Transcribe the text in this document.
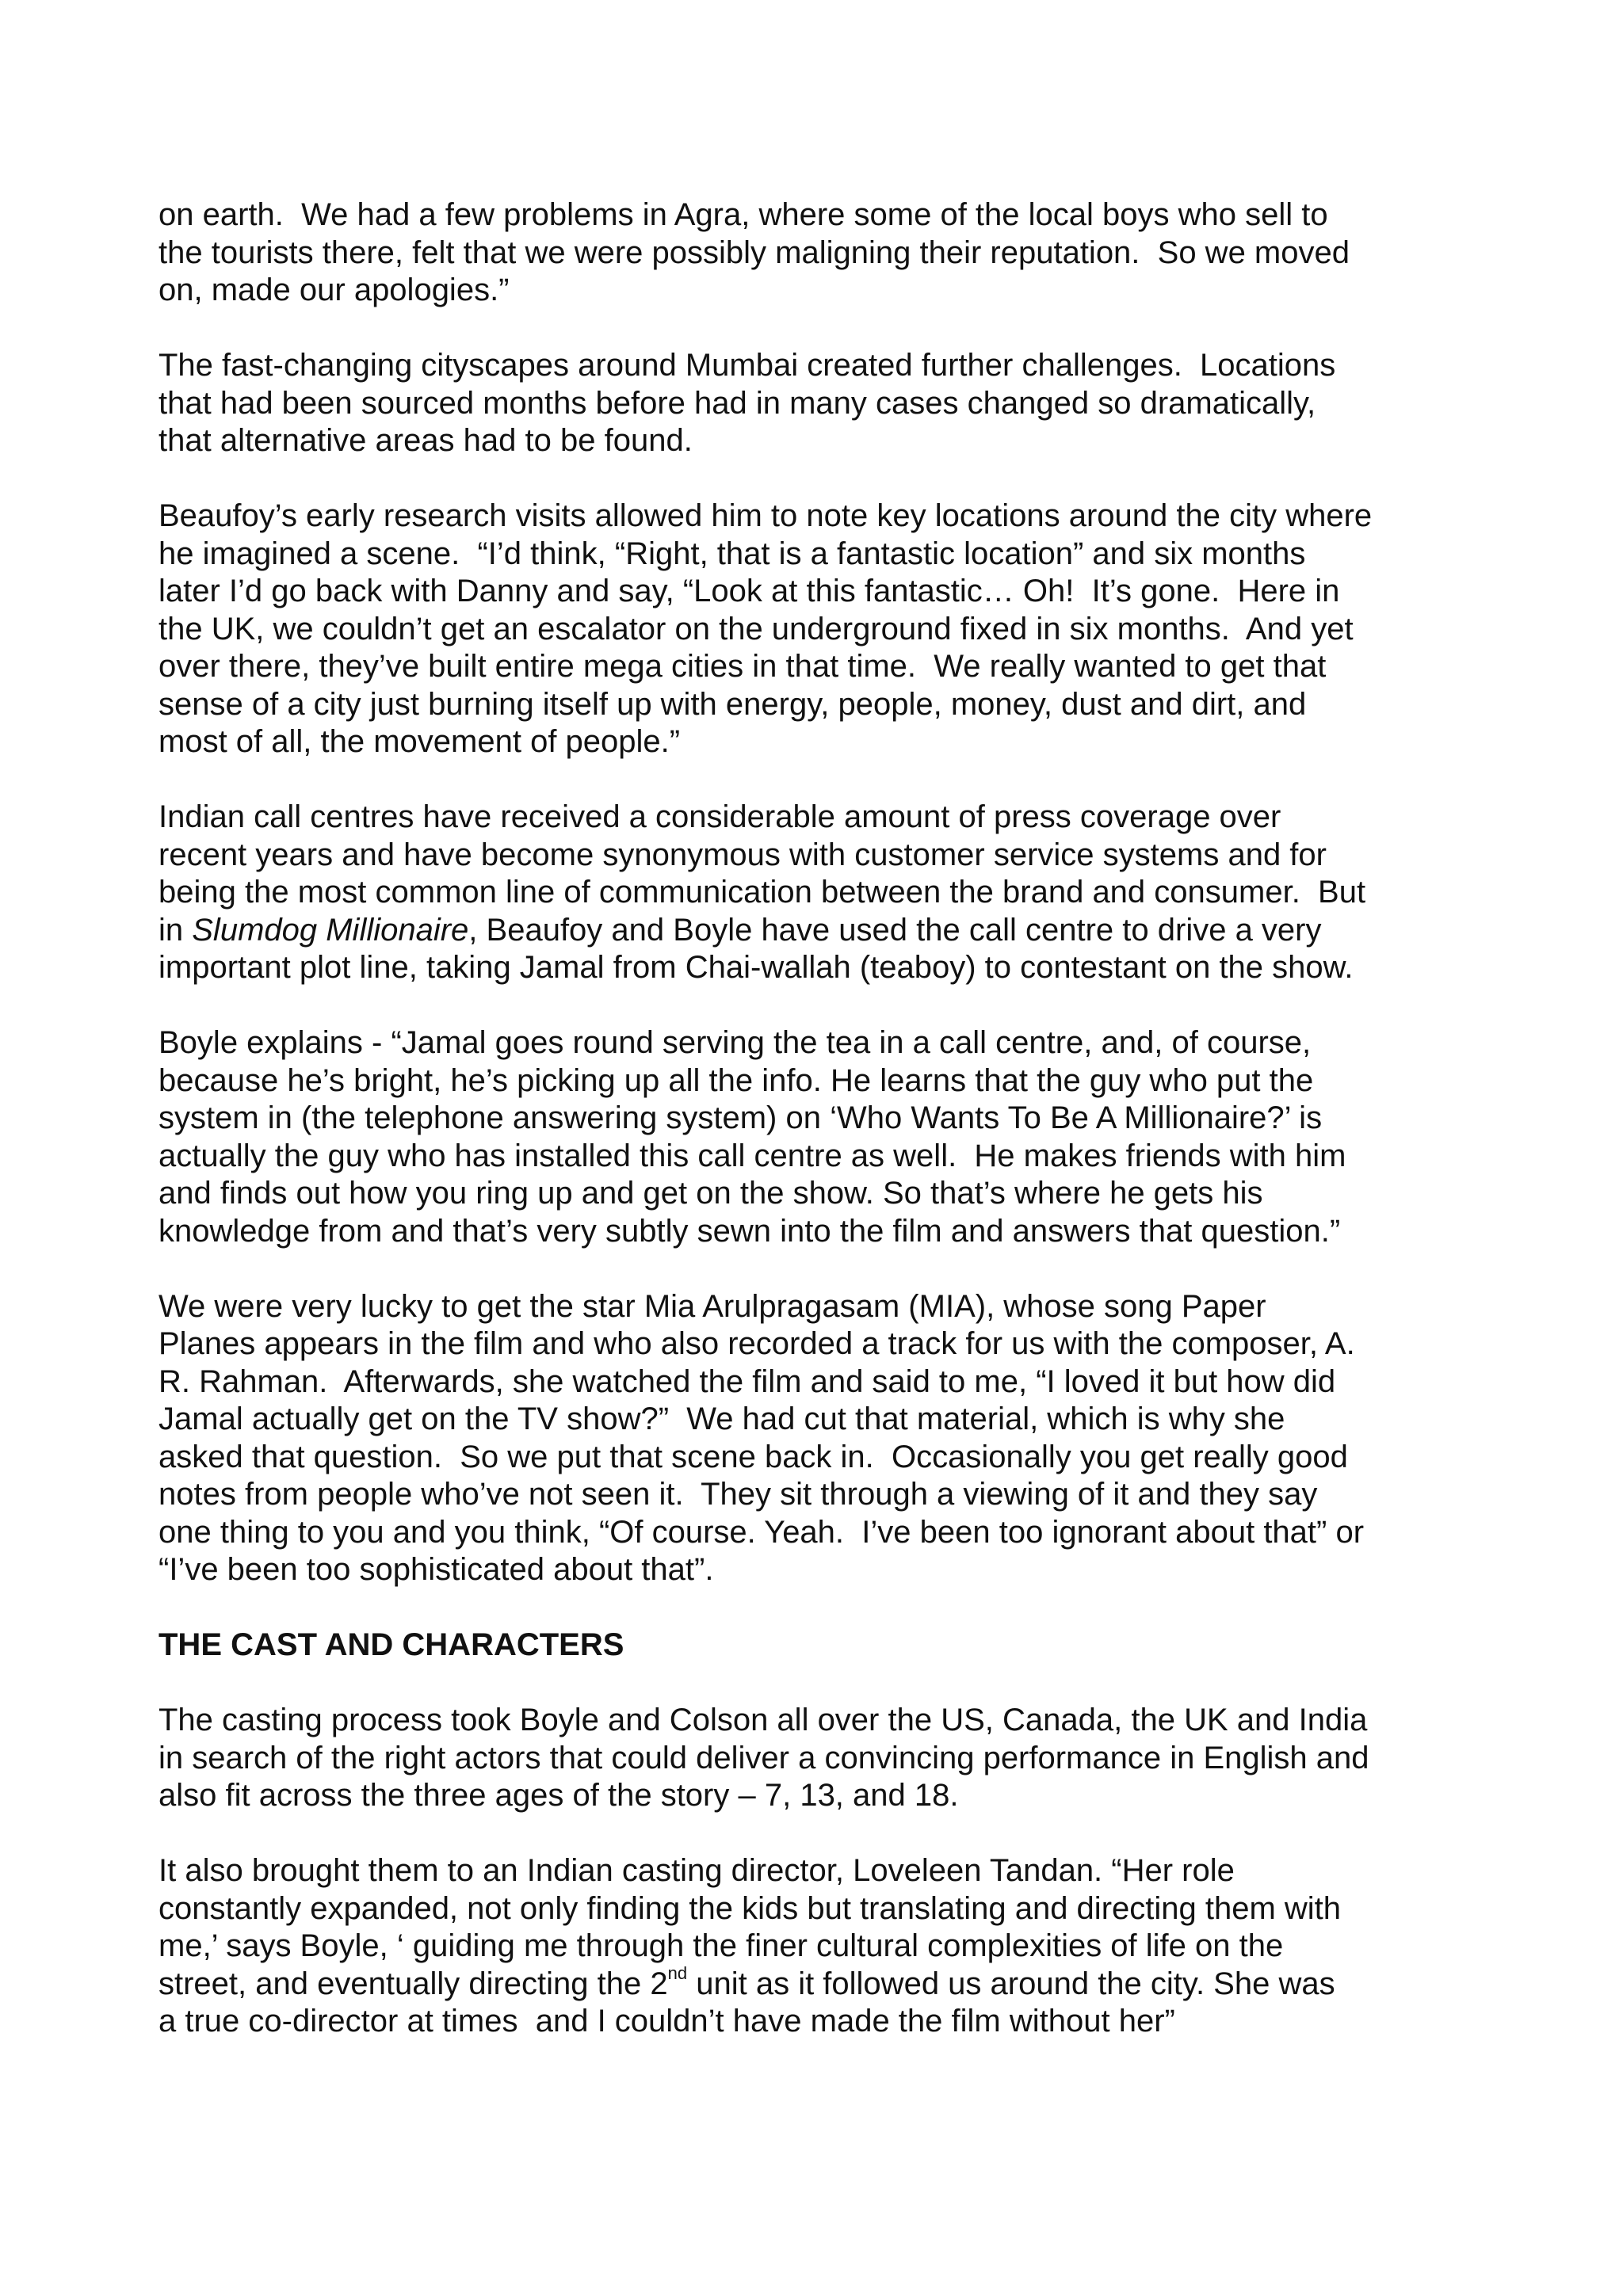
on earth.  We had a few problems in Agra, where some of the local boys who sell to
the tourists there, felt that we were possibly maligning their reputation.  So we moved
on, made our apologies.”

The fast-changing cityscapes around Mumbai created further challenges.  Locations
that had been sourced months before had in many cases changed so dramatically,
that alternative areas had to be found.

Beaufoy’s early research visits allowed him to note key locations around the city where
he imagined a scene.  “I’d think, “Right, that is a fantastic location” and six months
later I’d go back with Danny and say, “Look at this fantastic… Oh!  It’s gone.  Here in
the UK, we couldn’t get an escalator on the underground fixed in six months.  And yet
over there, they’ve built entire mega cities in that time.  We really wanted to get that
sense of a city just burning itself up with energy, people, money, dust and dirt, and
most of all, the movement of people.”

Indian call centres have received a considerable amount of press coverage over
recent years and have become synonymous with customer service systems and for
being the most common line of communication between the brand and consumer.  But
in Slumdog Millionaire, Beaufoy and Boyle have used the call centre to drive a very
important plot line, taking Jamal from Chai-wallah (teaboy) to contestant on the show.

Boyle explains - “Jamal goes round serving the tea in a call centre, and, of course,
because he’s bright, he’s picking up all the info. He learns that the guy who put the
system in (the telephone answering system) on ‘Who Wants To Be A Millionaire?’ is
actually the guy who has installed this call centre as well.  He makes friends with him
and finds out how you ring up and get on the show. So that’s where he gets his
knowledge from and that’s very subtly sewn into the film and answers that question.”

We were very lucky to get the star Mia Arulpragasam (MIA), whose song Paper
Planes appears in the film and who also recorded a track for us with the composer, A.
R. Rahman.  Afterwards, she watched the film and said to me, “I loved it but how did
Jamal actually get on the TV show?”  We had cut that material, which is why she
asked that question.  So we put that scene back in.  Occasionally you get really good
notes from people who’ve not seen it.  They sit through a viewing of it and they say
one thing to you and you think, “Of course. Yeah.  I’ve been too ignorant about that” or
“I’ve been too sophisticated about that”.

THE CAST AND CHARACTERS

The casting process took Boyle and Colson all over the US, Canada, the UK and India
in search of the right actors that could deliver a convincing performance in English and
also fit across the three ages of the story – 7, 13, and 18.

It also brought them to an Indian casting director, Loveleen Tandan. “Her role
constantly expanded, not only finding the kids but translating and directing them with
me,’ says Boyle, ‘ guiding me through the finer cultural complexities of life on the
street, and eventually directing the 2nd unit as it followed us around the city. She was
a true co-director at times  and I couldn’t have made the film without her”
